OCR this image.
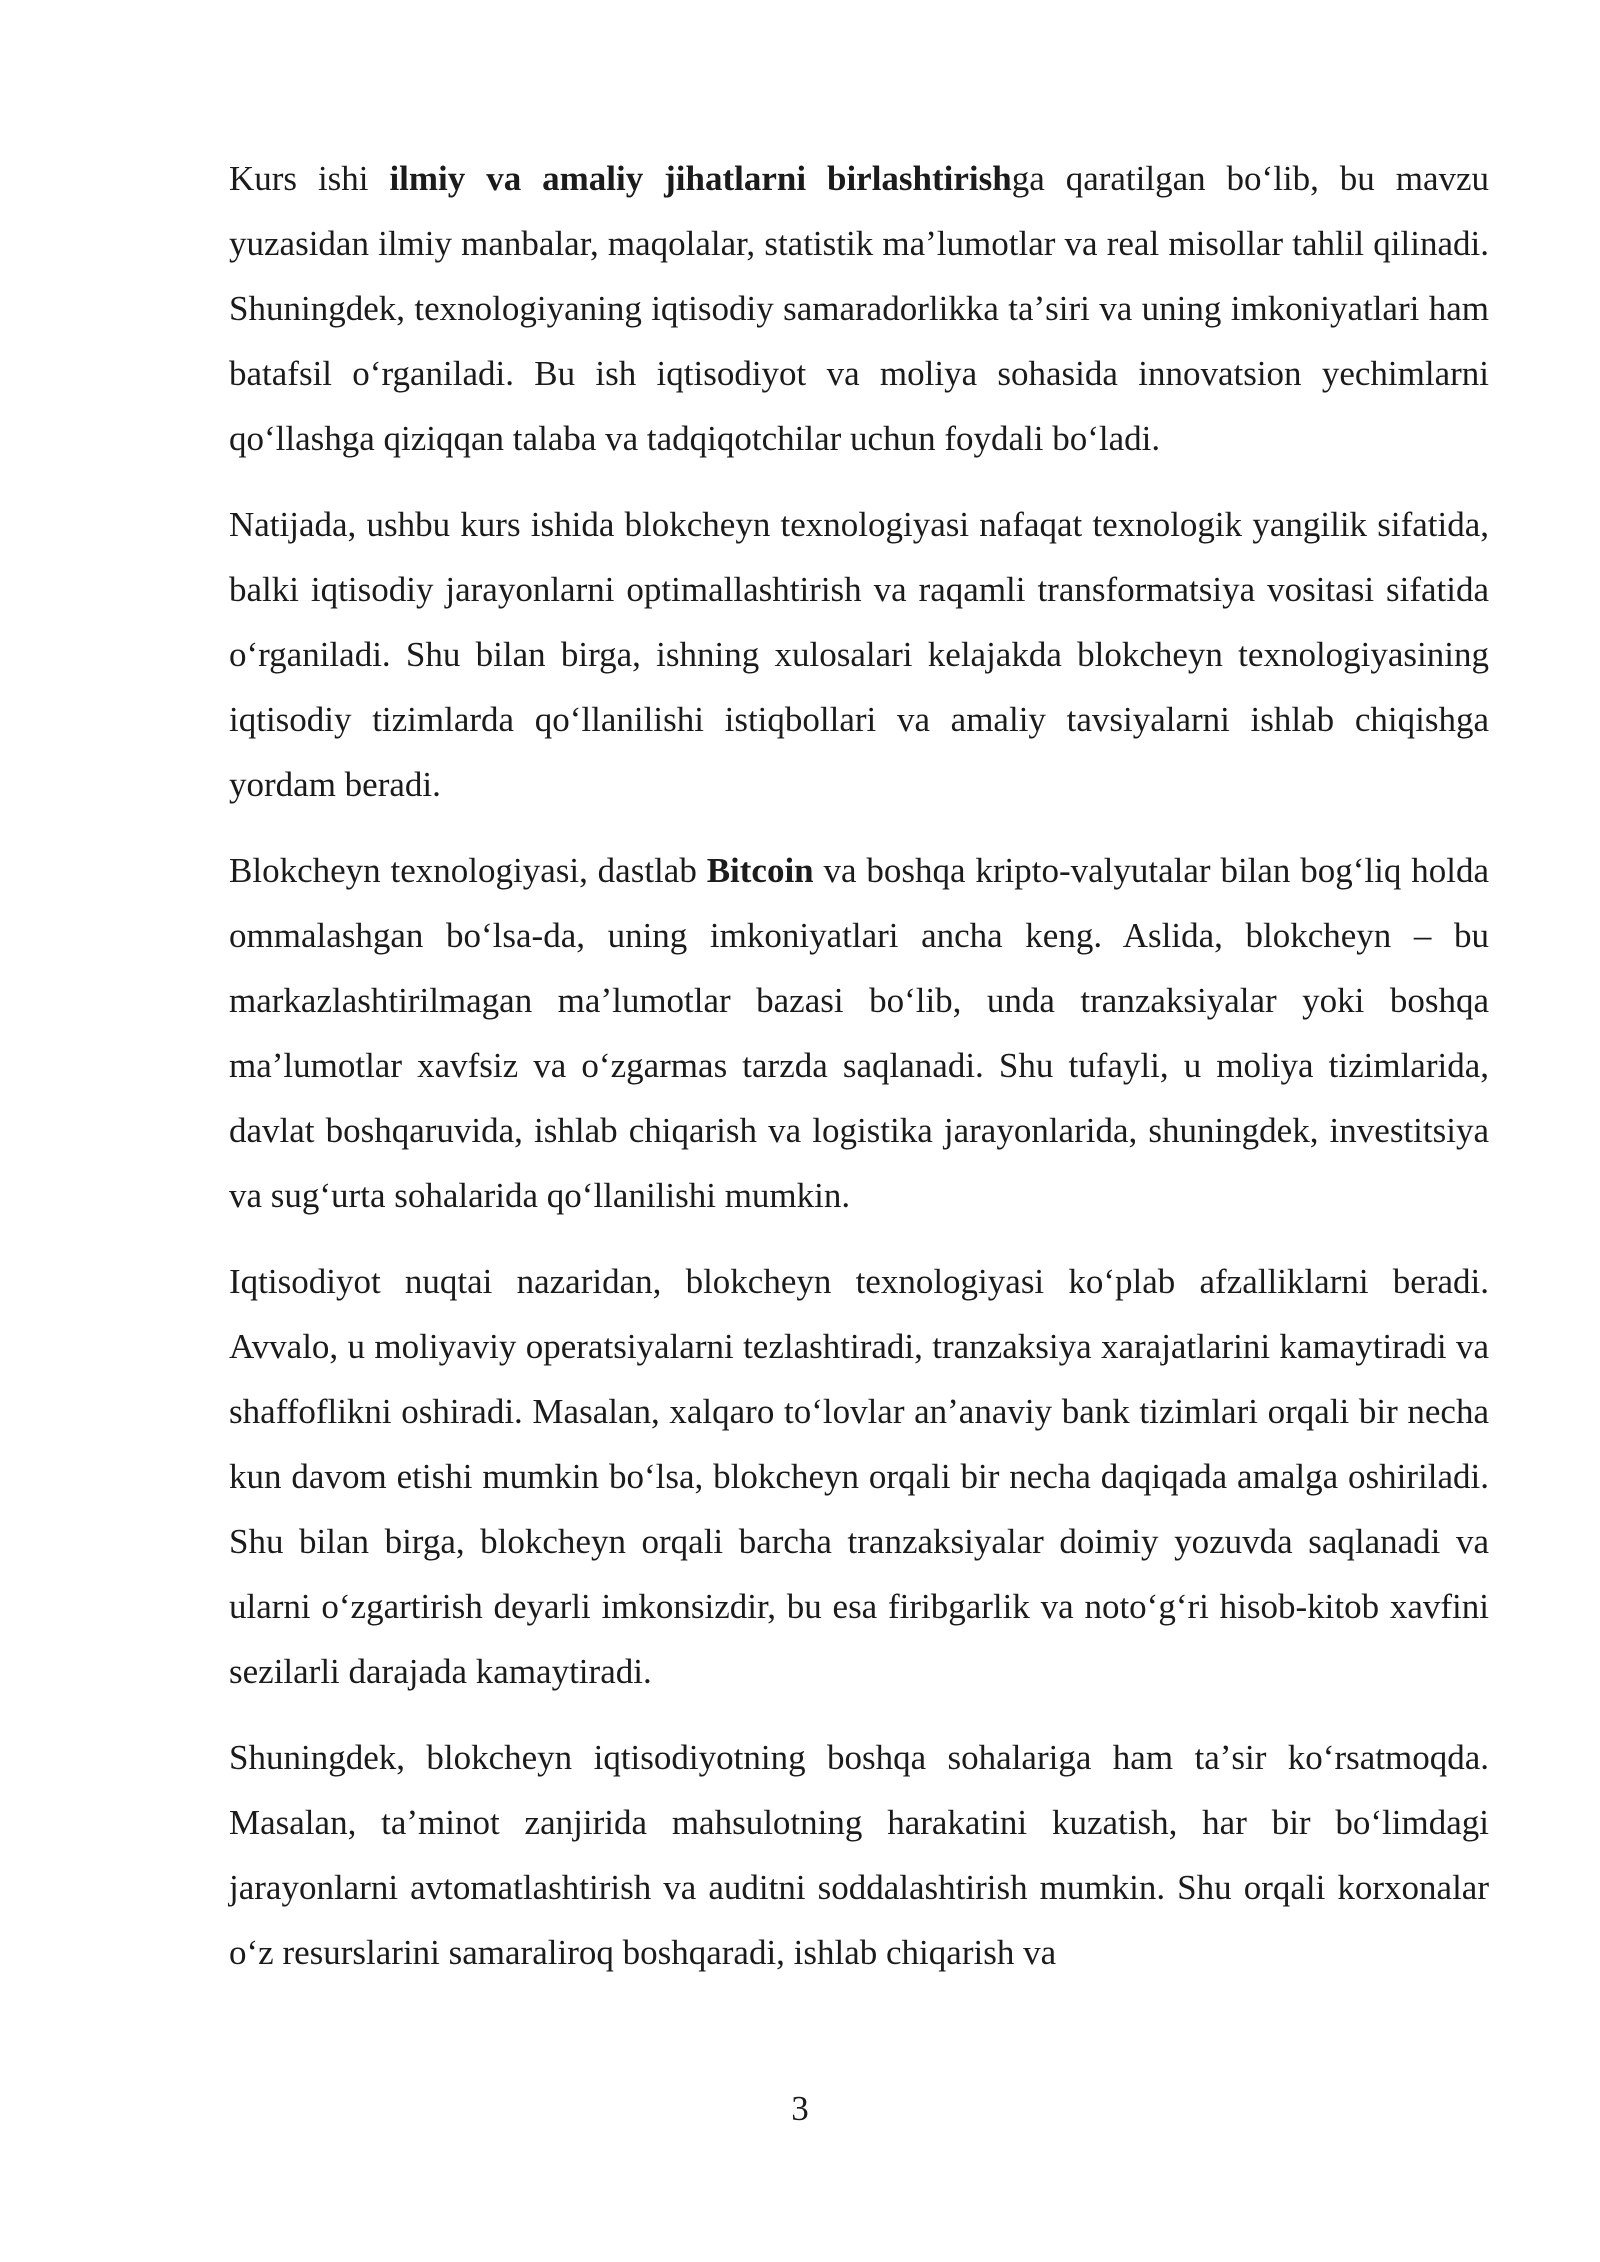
Kurs ishi ilmiy va amaliy jihatlarni birlashtirishga qaratilgan boʻlib, bu mavzu yuzasidan ilmiy manbalar, maqolalar, statistik maʼlumotlar va real misollar tahlil qilinadi. Shuningdek, texnologiyaning iqtisodiy samaradorlikka taʼsiri va uning imkoniyatlari ham batafsil oʻrganiladi. Bu ish iqtisodiyot va moliya sohasida innovatsion yechimlarni qoʻllashga qiziqqan talaba va tadqiqotchilar uchun foydali boʻladi.

Natijada, ushbu kurs ishida blokcheyn texnologiyasi nafaqat texnologik yangilik sifatida, balki iqtisodiy jarayonlarni optimallashtirish va raqamli transformatsiya vositasi sifatida oʻrganiladi. Shu bilan birga, ishning xulosalari kelajakda blokcheyn texnologiyasining iqtisodiy tizimlarda qoʻllanilishi istiqbollari va amaliy tavsiyalarni ishlab chiqishga yordam beradi.

Blokcheyn texnologiyasi, dastlab Bitcoin va boshqa kripto-valyutalar bilan bogʻliq holda ommalashgan boʻlsa-da, uning imkoniyatlari ancha keng. Aslida, blokcheyn – bu markazlashtirilmagan maʼlumotlar bazasi boʻlib, unda tranzaksiyalar yoki boshqa maʼlumotlar xavfsiz va oʻzgarmas tarzda saqlanadi. Shu tufayli, u moliya tizimlarida, davlat boshqaruvida, ishlab chiqarish va logistika jarayonlarida, shuningdek, investitsiya va sugʻurta sohalarida qoʻllanilishi mumkin.

Iqtisodiyot nuqtai nazaridan, blokcheyn texnologiyasi koʻplab afzalliklarni beradi. Avvalo, u moliyaviy operatsiyalarni tezlashtiradi, tranzaksiya xarajatlarini kamaytiradi va shaffoflikni oshiradi. Masalan, xalqaro toʻlovlar anʼanaviy bank tizimlari orqali bir necha kun davom etishi mumkin boʻlsa, blokcheyn orqali bir necha daqiqada amalga oshiriladi. Shu bilan birga, blokcheyn orqali barcha tranzaksiyalar doimiy yozuvda saqlanadi va ularni oʻzgartirish deyarli imkonsizdir, bu esa firibgarlik va notoʻgʻri hisob-kitob xavfini sezilarli darajada kamaytiradi.

Shuningdek, blokcheyn iqtisodiyotning boshqa sohalariga ham taʼsir koʻrsatmoqda. Masalan, taʼminot zanjirida mahsulotning harakatini kuzatish, har bir boʻlimdagi jarayonlarni avtomatlashtirish va auditni soddalashtirish mumkin. Shu orqali korxonalar oʻz resurslarini samaraliroq boshqaradi, ishlab chiqarish va

3
